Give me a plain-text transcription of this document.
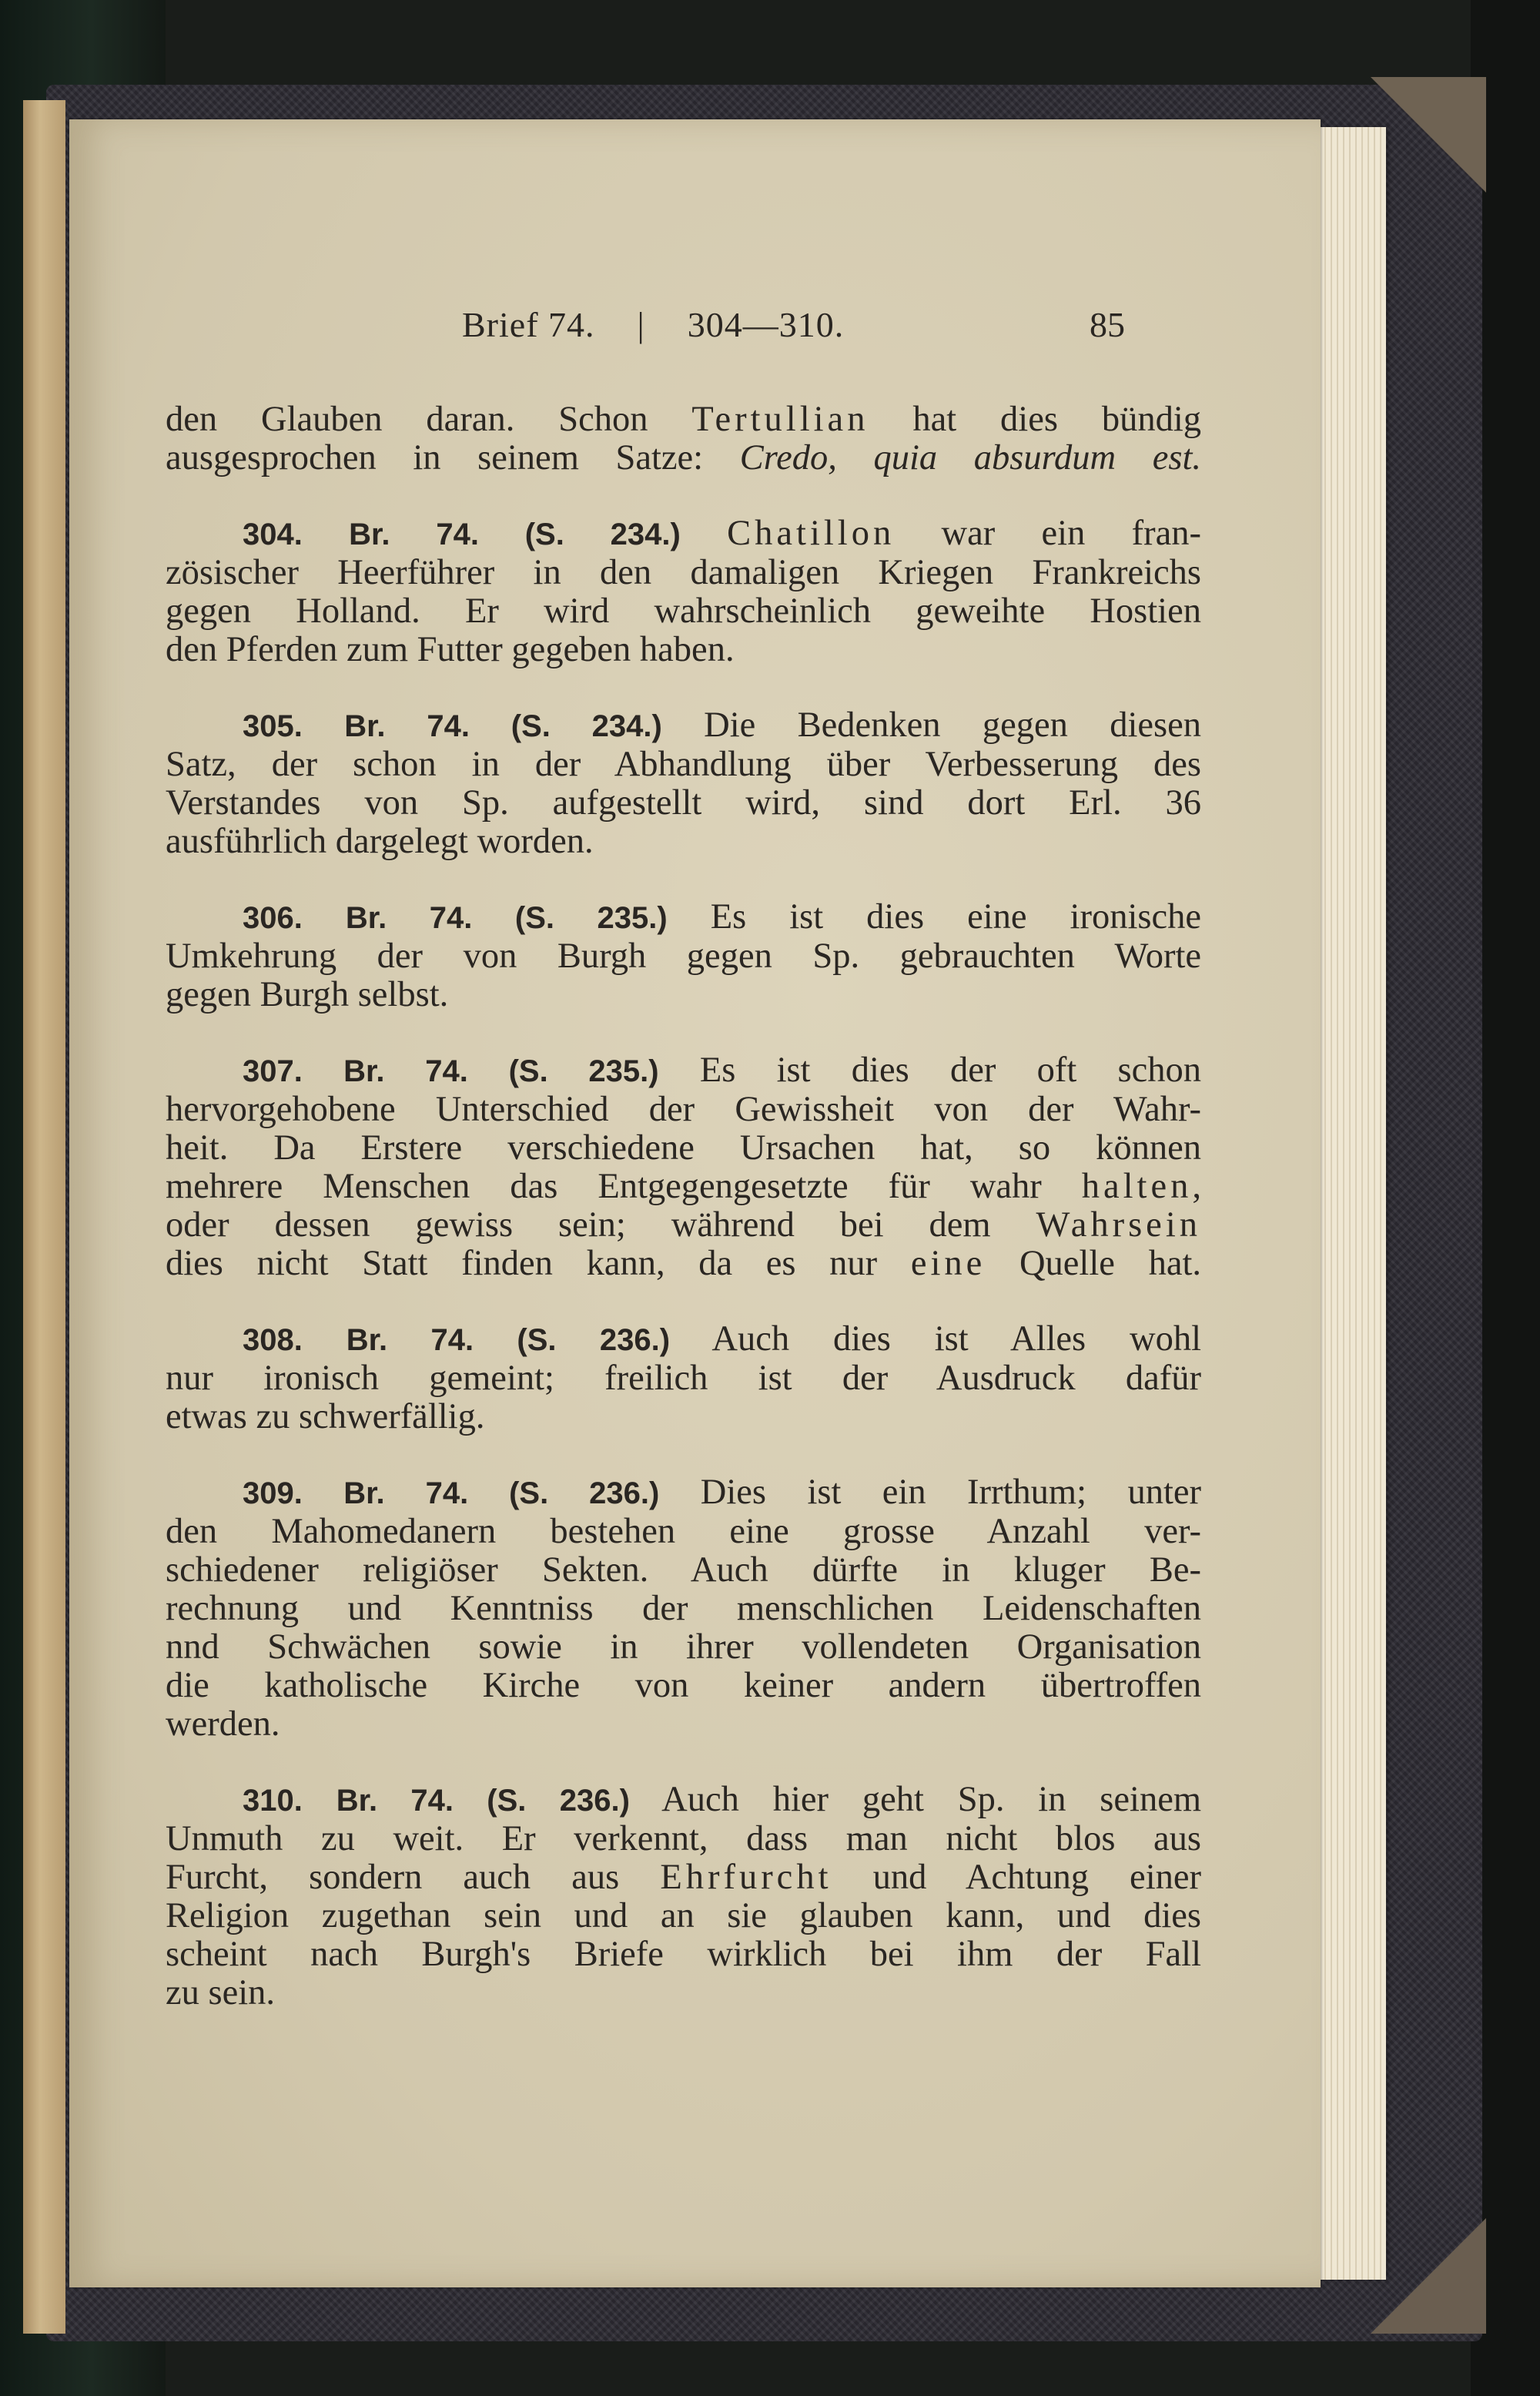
Brief 74. | 304—310.	85
den Glauben daran. Schon Tertullian hat dies bündig
ausgesprochen in seinem Satze: Credo, quia absurdum est.
304. Br. 74. (S. 234.) Chatillon war ein fran-
zösischer Heerführer in den damaligen Kriegen Frankreichs
gegen Holland. Er wird wahrscheinlich geweihte Hostien
den Pferden zum Futter gegeben haben.
305. Br. 74. (S. 234.) Die Bedenken gegen diesen
Satz, der schon in der Abhandlung über Verbesserung des
Verstandes von Sp. aufgestellt wird, sind dort Erl. 36
ausführlich dargelegt worden.
306. Br. 74. (S. 235.) Es ist dies eine ironische
Umkehrung der von Burgh gegen Sp. gebrauchten Worte
gegen Burgh selbst.
307. Br. 74. (S. 235.) Es ist dies der oft schon
hervorgehobene Unterschied der Gewissheit von der Wahr-
heit. Da Erstere verschiedene Ursachen hat, so können
mehrere Menschen das Entgegengesetzte für wahr halten,
oder dessen gewiss sein; während bei dem Wahrsein
dies nicht Statt finden kann, da es nur eine Quelle hat.
308. Br. 74. (S. 236.) Auch dies ist Alles wohl
nur ironisch gemeint; freilich ist der Ausdruck dafür
etwas zu schwerfällig.
309. Br. 74. (S. 236.) Dies ist ein Irrthum; unter
den Mahomedanern bestehen eine grosse Anzahl ver-
schiedener religiöser Sekten. Auch dürfte in kluger Be-
rechnung und Kenntniss der menschlichen Leidenschaften
nnd Schwächen sowie in ihrer vollendeten Organisation
die katholische Kirche von keiner andern übertroffen
werden.
310. Br. 74. (S. 236.) Auch hier geht Sp. in seinem
Unmuth zu weit. Er verkennt, dass man nicht blos aus
Furcht, sondern auch aus Ehrfurcht und Achtung einer
Religion zugethan sein und an sie glauben kann, und dies
scheint nach Burgh's Briefe wirklich bei ihm der Fall
zu sein.
